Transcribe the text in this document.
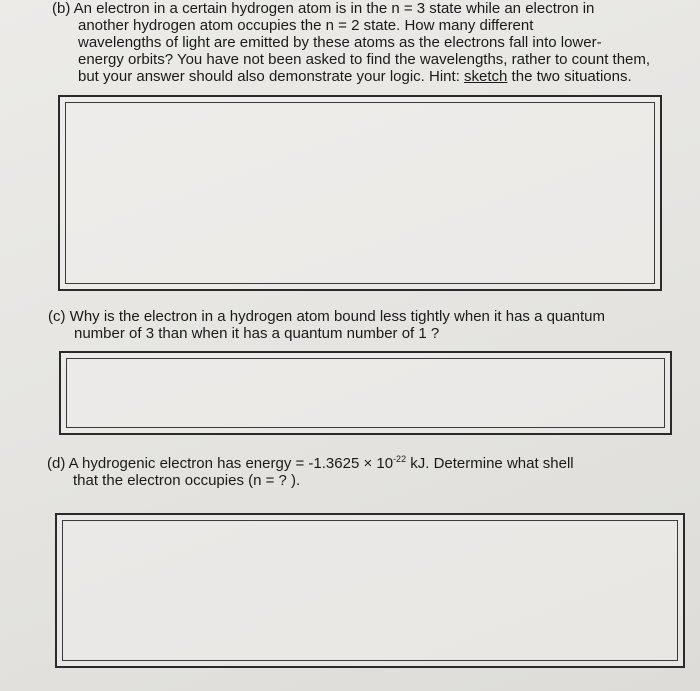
(b) An electron in a certain hydrogen atom is in the n = 3 state while an electron in
another hydrogen atom occupies the n = 2 state. How many different
wavelengths of light are emitted by these atoms as the electrons fall into lower-
energy orbits? You have not been asked to find the wavelengths, rather to count them,
but your answer should also demonstrate your logic. Hint: sketch the two situations.
(c) Why is the electron in a hydrogen atom bound less tightly when it has a quantum
number of 3 than when it has a quantum number of 1 ?
(d) A hydrogenic electron has energy = $-1.3625 \times 10^{-22}$ kJ. Determine what shell
that the electron occupies (n = ? ).
